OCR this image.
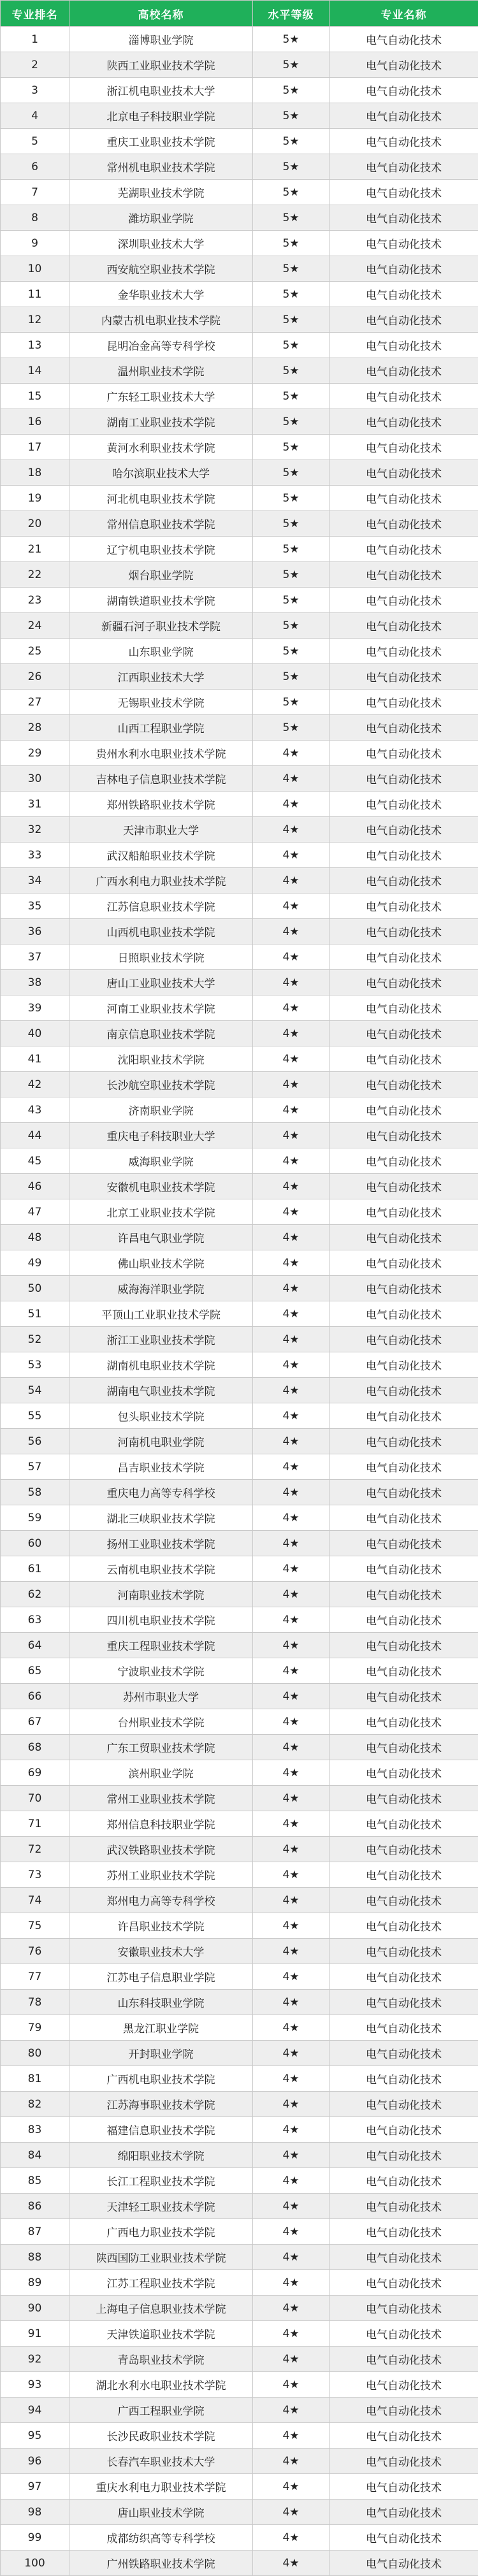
专业排名	高校名称	水平等级	专业名称
1	淄博职业学院	5★	电气自动化技术
2	陕西工业职业技术学院	5★	电气自动化技术
3	浙江机电职业技术大学	5★	电气自动化技术
4	北京电子科技职业学院	5★	电气自动化技术
5	重庆工业职业技术学院	5★	电气自动化技术
6	常州机电职业技术学院	5★	电气自动化技术
7	芜湖职业技术学院	5★	电气自动化技术
8	潍坊职业学院	5★	电气自动化技术
9	深圳职业技术大学	5★	电气自动化技术
10	西安航空职业技术学院	5★	电气自动化技术
11	金华职业技术大学	5★	电气自动化技术
12	内蒙古机电职业技术学院	5★	电气自动化技术
13	昆明冶金高等专科学校	5★	电气自动化技术
14	温州职业技术学院	5★	电气自动化技术
15	广东轻工职业技术大学	5★	电气自动化技术
16	湖南工业职业技术学院	5★	电气自动化技术
17	黄河水利职业技术学院	5★	电气自动化技术
18	哈尔滨职业技术大学	5★	电气自动化技术
19	河北机电职业技术学院	5★	电气自动化技术
20	常州信息职业技术学院	5★	电气自动化技术
21	辽宁机电职业技术学院	5★	电气自动化技术
22	烟台职业学院	5★	电气自动化技术
23	湖南铁道职业技术学院	5★	电气自动化技术
24	新疆石河子职业技术学院	5★	电气自动化技术
25	山东职业学院	5★	电气自动化技术
26	江西职业技术大学	5★	电气自动化技术
27	无锡职业技术学院	5★	电气自动化技术
28	山西工程职业学院	5★	电气自动化技术
29	贵州水利水电职业技术学院	4★	电气自动化技术
30	吉林电子信息职业技术学院	4★	电气自动化技术
31	郑州铁路职业技术学院	4★	电气自动化技术
32	天津市职业大学	4★	电气自动化技术
33	武汉船舶职业技术学院	4★	电气自动化技术
34	广西水利电力职业技术学院	4★	电气自动化技术
35	江苏信息职业技术学院	4★	电气自动化技术
36	山西机电职业技术学院	4★	电气自动化技术
37	日照职业技术学院	4★	电气自动化技术
38	唐山工业职业技术大学	4★	电气自动化技术
39	河南工业职业技术学院	4★	电气自动化技术
40	南京信息职业技术学院	4★	电气自动化技术
41	沈阳职业技术学院	4★	电气自动化技术
42	长沙航空职业技术学院	4★	电气自动化技术
43	济南职业学院	4★	电气自动化技术
44	重庆电子科技职业大学	4★	电气自动化技术
45	威海职业学院	4★	电气自动化技术
46	安徽机电职业技术学院	4★	电气自动化技术
47	北京工业职业技术学院	4★	电气自动化技术
48	许昌电气职业学院	4★	电气自动化技术
49	佛山职业技术学院	4★	电气自动化技术
50	威海海洋职业学院	4★	电气自动化技术
51	平顶山工业职业技术学院	4★	电气自动化技术
52	浙江工业职业技术学院	4★	电气自动化技术
53	湖南机电职业技术学院	4★	电气自动化技术
54	湖南电气职业技术学院	4★	电气自动化技术
55	包头职业技术学院	4★	电气自动化技术
56	河南机电职业学院	4★	电气自动化技术
57	昌吉职业技术学院	4★	电气自动化技术
58	重庆电力高等专科学校	4★	电气自动化技术
59	湖北三峡职业技术学院	4★	电气自动化技术
60	扬州工业职业技术学院	4★	电气自动化技术
61	云南机电职业技术学院	4★	电气自动化技术
62	河南职业技术学院	4★	电气自动化技术
63	四川机电职业技术学院	4★	电气自动化技术
64	重庆工程职业技术学院	4★	电气自动化技术
65	宁波职业技术学院	4★	电气自动化技术
66	苏州市职业大学	4★	电气自动化技术
67	台州职业技术学院	4★	电气自动化技术
68	广东工贸职业技术学院	4★	电气自动化技术
69	滨州职业学院	4★	电气自动化技术
70	常州工业职业技术学院	4★	电气自动化技术
71	郑州信息科技职业学院	4★	电气自动化技术
72	武汉铁路职业技术学院	4★	电气自动化技术
73	苏州工业职业技术学院	4★	电气自动化技术
74	郑州电力高等专科学校	4★	电气自动化技术
75	许昌职业技术学院	4★	电气自动化技术
76	安徽职业技术大学	4★	电气自动化技术
77	江苏电子信息职业学院	4★	电气自动化技术
78	山东科技职业学院	4★	电气自动化技术
79	黑龙江职业学院	4★	电气自动化技术
80	开封职业学院	4★	电气自动化技术
81	广西机电职业技术学院	4★	电气自动化技术
82	江苏海事职业技术学院	4★	电气自动化技术
83	福建信息职业技术学院	4★	电气自动化技术
84	绵阳职业技术学院	4★	电气自动化技术
85	长江工程职业技术学院	4★	电气自动化技术
86	天津轻工职业技术学院	4★	电气自动化技术
87	广西电力职业技术学院	4★	电气自动化技术
88	陕西国防工业职业技术学院	4★	电气自动化技术
89	江苏工程职业技术学院	4★	电气自动化技术
90	上海电子信息职业技术学院	4★	电气自动化技术
91	天津铁道职业技术学院	4★	电气自动化技术
92	青岛职业技术学院	4★	电气自动化技术
93	湖北水利水电职业技术学院	4★	电气自动化技术
94	广西工程职业学院	4★	电气自动化技术
95	长沙民政职业技术学院	4★	电气自动化技术
96	长春汽车职业技术大学	4★	电气自动化技术
97	重庆水利电力职业技术学院	4★	电气自动化技术
98	唐山职业技术学院	4★	电气自动化技术
99	成都纺织高等专科学校	4★	电气自动化技术
100	广州铁路职业技术学院	4★	电气自动化技术
